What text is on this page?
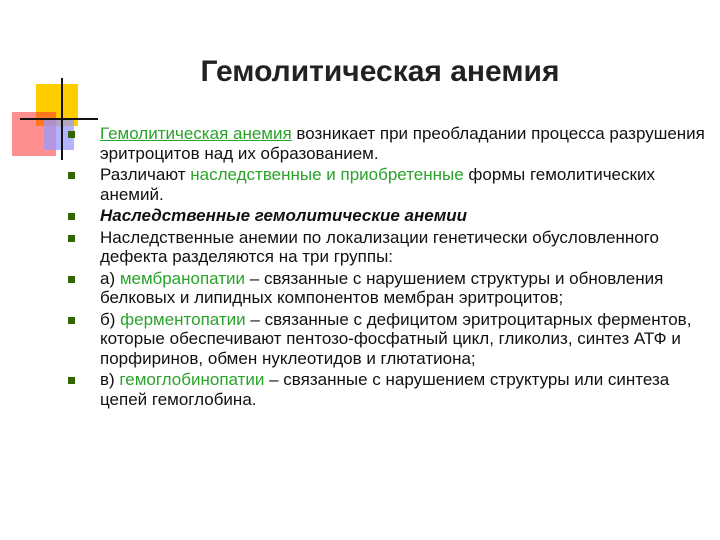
Гемолитическая анемия
Гемолитическая анемия возникает при преобладании процесса разрушения эритроцитов над их образованием.
Различают наследственные и приобретенные формы гемолитических анемий.
Наследственные гемолитические анемии
Наследственные анемии по локализации генетически обусловленного дефекта разделяются на три группы:
а) мембранопатии – связанные с нарушением структуры и обновления белковых и липидных компонентов мембран эритроцитов;
б) ферментопатии – связанные с дефицитом эритроцитарных ферментов, которые обеспечивают пентозо-фосфатный цикл, гликолиз, синтез АТФ и порфиринов, обмен нуклеотидов и глютатиона;
в) гемоглобинопатии – связанные с нарушением структуры или синтеза цепей гемоглобина.
